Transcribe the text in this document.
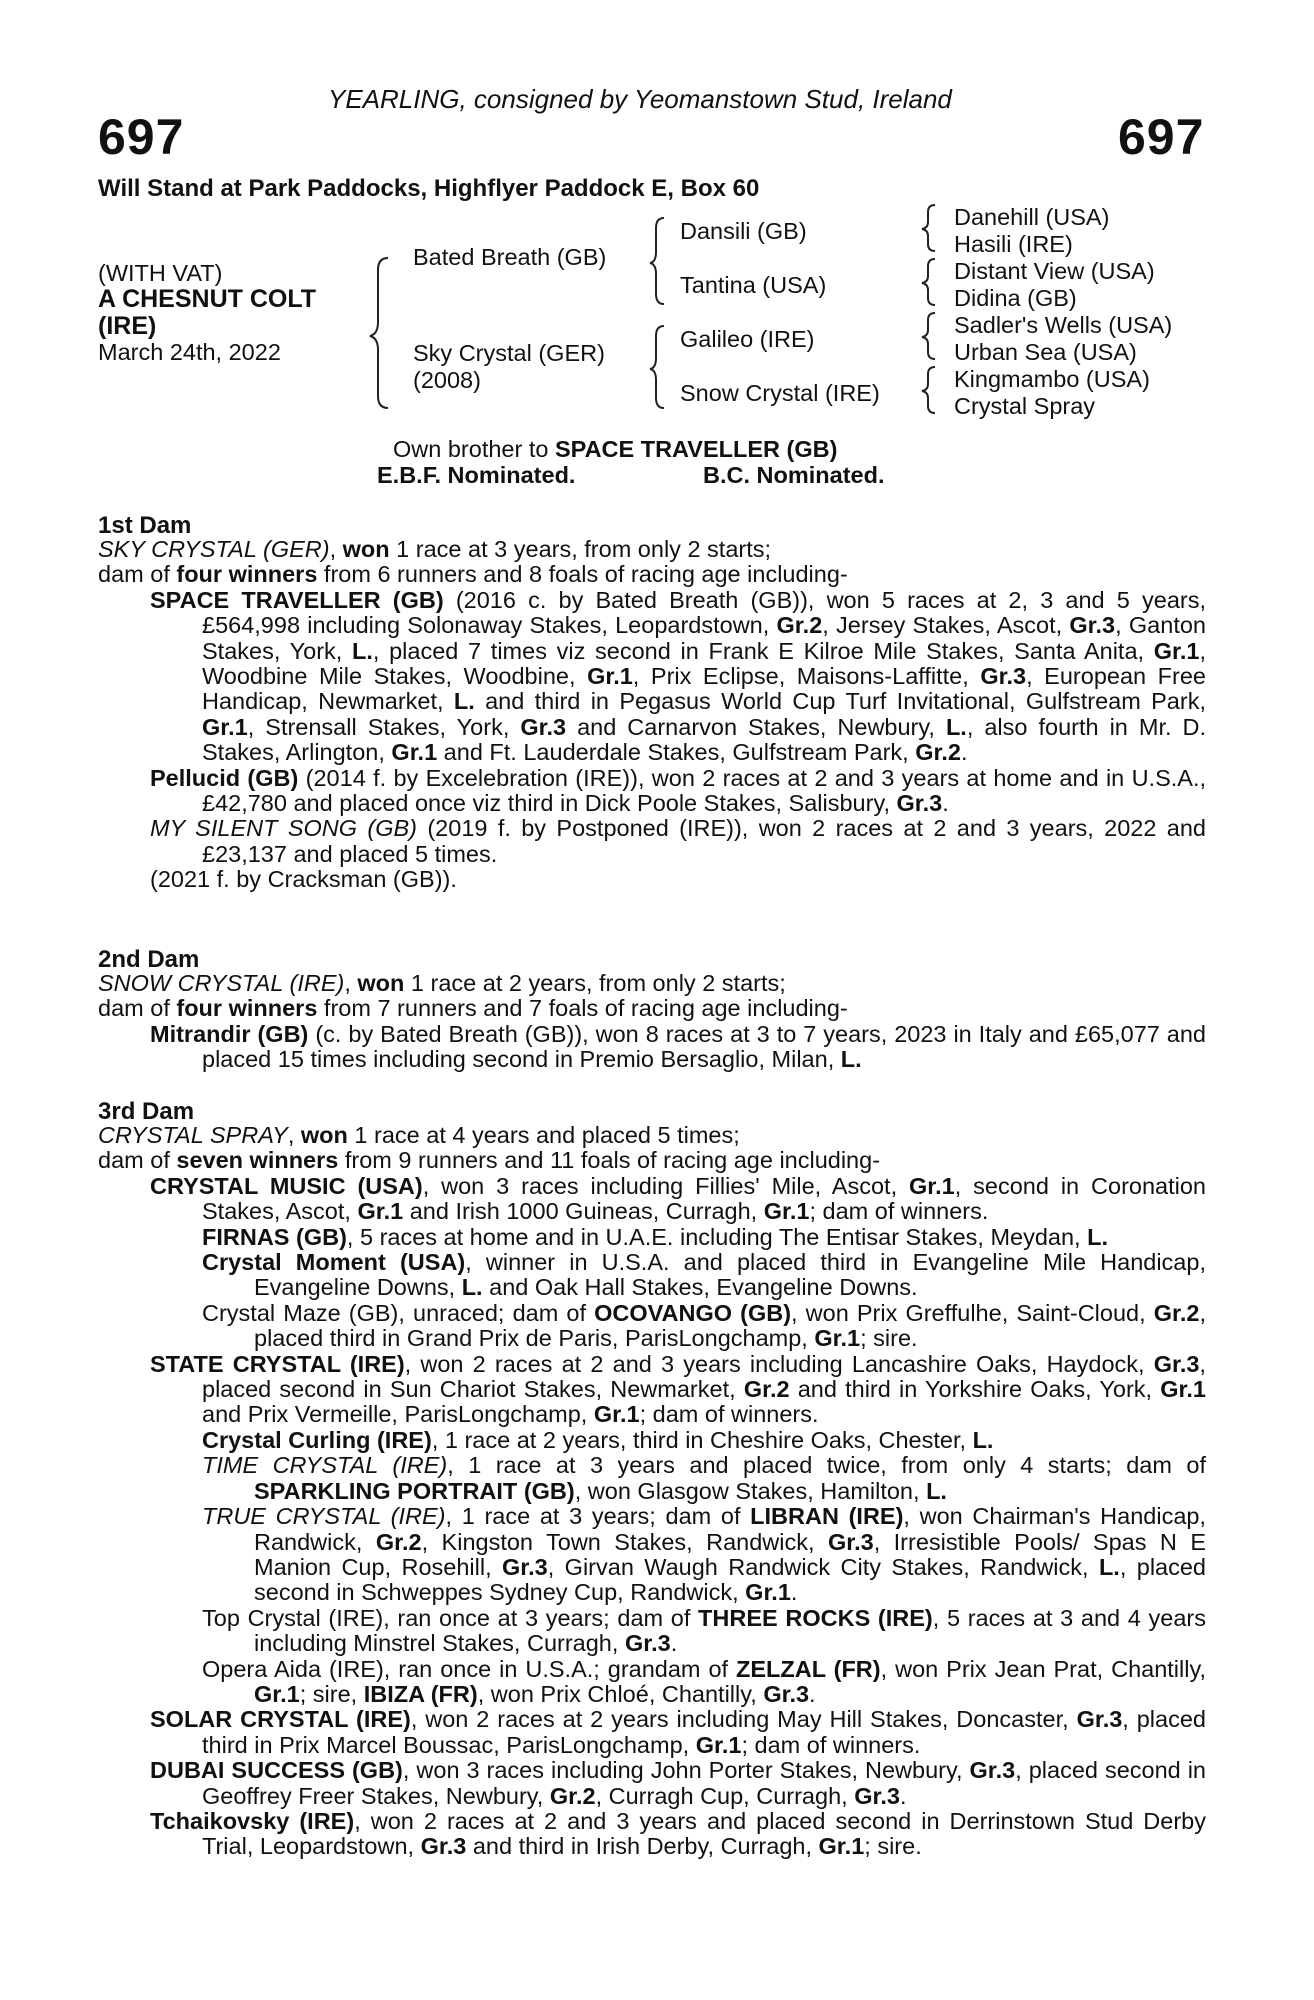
YEARLING, consigned by Yeomanstown Stud, Ireland
697	697
Will Stand at Park Paddocks, Highflyer Paddock E, Box 60
(WITH VAT)
A CHESNUT COLT
(IRE)
March 24th, 2022
Bated Breath (GB)
Sky Crystal (GER)
(2008)
Dansili (GB)
Tantina (USA)
Galileo (IRE)
Snow Crystal (IRE)
Danehill (USA)
Hasili (IRE)
Distant View (USA)
Didina (GB)
Sadler's Wells (USA)
Urban Sea (USA)
Kingmambo (USA)
Crystal Spray
Own brother to SPACE TRAVELLER (GB)
E.B.F. Nominated.	B.C. Nominated.
1st Dam
SKY CRYSTAL (GER), won 1 race at 3 years, from only 2 starts;
dam of four winners from 6 runners and 8 foals of racing age including-
SPACE TRAVELLER (GB) (2016 c. by Bated Breath (GB)), won 5 races at 2, 3 and 5 years, £564,998 including Solonaway Stakes, Leopardstown, Gr.2, Jersey Stakes, Ascot, Gr.3, Ganton Stakes, York, L., placed 7 times viz second in Frank E Kilroe Mile Stakes, Santa Anita, Gr.1, Woodbine Mile Stakes, Woodbine, Gr.1, Prix Eclipse, Maisons-Laffitte, Gr.3, European Free Handicap, Newmarket, L. and third in Pegasus World Cup Turf Invitational, Gulfstream Park, Gr.1, Strensall Stakes, York, Gr.3 and Carnarvon Stakes, Newbury, L., also fourth in Mr. D. Stakes, Arlington, Gr.1 and Ft. Lauderdale Stakes, Gulfstream Park, Gr.2.
Pellucid (GB) (2014 f. by Excelebration (IRE)), won 2 races at 2 and 3 years at home and in U.S.A., £42,780 and placed once viz third in Dick Poole Stakes, Salisbury, Gr.3.
MY SILENT SONG (GB) (2019 f. by Postponed (IRE)), won 2 races at 2 and 3 years, 2022 and £23,137 and placed 5 times.
(2021 f. by Cracksman (GB)).
2nd Dam
SNOW CRYSTAL (IRE), won 1 race at 2 years, from only 2 starts;
dam of four winners from 7 runners and 7 foals of racing age including-
Mitrandir (GB) (c. by Bated Breath (GB)), won 8 races at 3 to 7 years, 2023 in Italy and £65,077 and placed 15 times including second in Premio Bersaglio, Milan, L.
3rd Dam
CRYSTAL SPRAY, won 1 race at 4 years and placed 5 times;
dam of seven winners from 9 runners and 11 foals of racing age including-
CRYSTAL MUSIC (USA), won 3 races including Fillies' Mile, Ascot, Gr.1, second in Coronation Stakes, Ascot, Gr.1 and Irish 1000 Guineas, Curragh, Gr.1; dam of winners.
FIRNAS (GB), 5 races at home and in U.A.E. including The Entisar Stakes, Meydan, L.
Crystal Moment (USA), winner in U.S.A. and placed third in Evangeline Mile Handicap, Evangeline Downs, L. and Oak Hall Stakes, Evangeline Downs.
Crystal Maze (GB), unraced; dam of OCOVANGO (GB), won Prix Greffulhe, Saint-Cloud, Gr.2, placed third in Grand Prix de Paris, ParisLongchamp, Gr.1; sire.
STATE CRYSTAL (IRE), won 2 races at 2 and 3 years including Lancashire Oaks, Haydock, Gr.3, placed second in Sun Chariot Stakes, Newmarket, Gr.2 and third in Yorkshire Oaks, York, Gr.1 and Prix Vermeille, ParisLongchamp, Gr.1; dam of winners.
Crystal Curling (IRE), 1 race at 2 years, third in Cheshire Oaks, Chester, L.
TIME CRYSTAL (IRE), 1 race at 3 years and placed twice, from only 4 starts; dam of SPARKLING PORTRAIT (GB), won Glasgow Stakes, Hamilton, L.
TRUE CRYSTAL (IRE), 1 race at 3 years; dam of LIBRAN (IRE), won Chairman's Handicap, Randwick, Gr.2, Kingston Town Stakes, Randwick, Gr.3, Irresistible Pools/ Spas N E Manion Cup, Rosehill, Gr.3, Girvan Waugh Randwick City Stakes, Randwick, L., placed second in Schweppes Sydney Cup, Randwick, Gr.1.
Top Crystal (IRE), ran once at 3 years; dam of THREE ROCKS (IRE), 5 races at 3 and 4 years including Minstrel Stakes, Curragh, Gr.3.
Opera Aida (IRE), ran once in U.S.A.; grandam of ZELZAL (FR), won Prix Jean Prat, Chantilly, Gr.1; sire, IBIZA (FR), won Prix Chloé, Chantilly, Gr.3.
SOLAR CRYSTAL (IRE), won 2 races at 2 years including May Hill Stakes, Doncaster, Gr.3, placed third in Prix Marcel Boussac, ParisLongchamp, Gr.1; dam of winners.
DUBAI SUCCESS (GB), won 3 races including John Porter Stakes, Newbury, Gr.3, placed second in Geoffrey Freer Stakes, Newbury, Gr.2, Curragh Cup, Curragh, Gr.3.
Tchaikovsky (IRE), won 2 races at 2 and 3 years and placed second in Derrinstown Stud Derby Trial, Leopardstown, Gr.3 and third in Irish Derby, Curragh, Gr.1; sire.
